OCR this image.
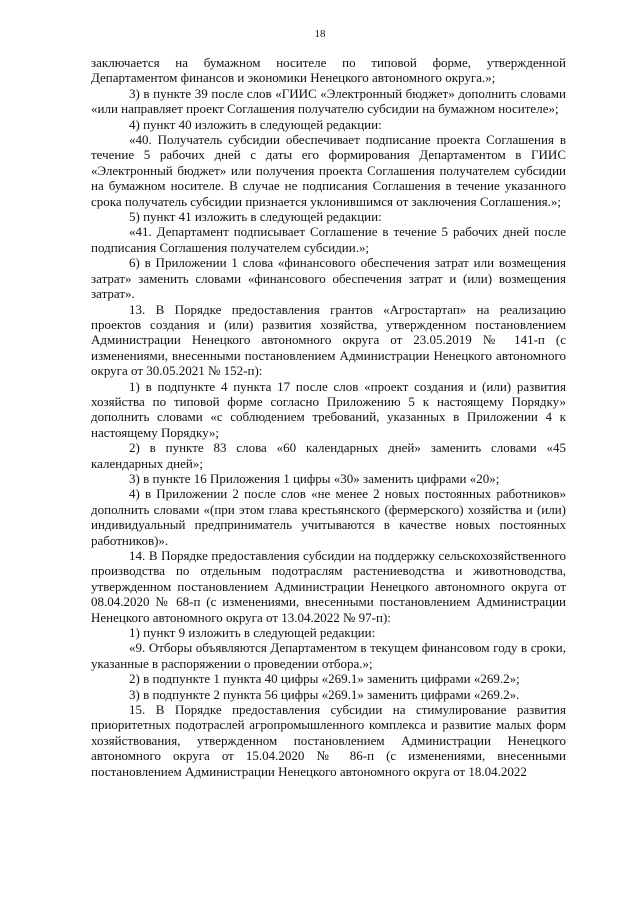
18

заключается на бумажном носителе по типовой форме, утвержденной Департаментом финансов и экономики Ненецкого автономного округа.»;

3) в пункте 39 после слов «ГИИС «Электронный бюджет» дополнить словами «или направляет проект Соглашения получателю субсидии на бумажном носителе»;

4) пункт 40 изложить в следующей редакции:

«40. Получатель субсидии обеспечивает подписание проекта Соглашения в течение 5 рабочих дней с даты его формирования Департаментом в ГИИС «Электронный бюджет» или получения проекта Соглашения получателем субсидии на бумажном носителе. В случае не подписания Соглашения в течение указанного срока получатель субсидии признается уклонившимся от заключения Соглашения.»;

5) пункт 41 изложить в следующей редакции:

«41. Департамент подписывает Соглашение в течение 5 рабочих дней после подписания Соглашения получателем субсидии.»;

6) в Приложении 1 слова «финансового обеспечения затрат или возмещения затрат» заменить словами «финансового обеспечения затрат и (или) возмещения затрат».

13. В Порядке предоставления грантов «Агростартап» на реализацию проектов создания и (или) развития хозяйства, утвержденном постановлением Администрации Ненецкого автономного округа от 23.05.2019 № 141-п (с изменениями, внесенными постановлением Администрации Ненецкого автономного округа от 30.05.2021 № 152-п):

1) в подпункте 4 пункта 17 после слов «проект создания и (или) развития хозяйства по типовой форме согласно Приложению 5 к настоящему Порядку» дополнить словами «с соблюдением требований, указанных в Приложении 4 к настоящему Порядку»;

2) в пункте 83 слова «60 календарных дней» заменить словами «45 календарных дней»;

3) в пункте 16 Приложения 1 цифры «30» заменить цифрами «20»;

4) в Приложении 2 после слов «не менее 2 новых постоянных работников» дополнить словами «(при этом глава крестьянского (фермерского) хозяйства и (или) индивидуальный предприниматель учитываются в качестве новых постоянных работников)».

14. В Порядке предоставления субсидии на поддержку сельскохозяйственного производства по отдельным подотраслям растениеводства и животноводства, утвержденном постановлением Администрации Ненецкого автономного округа от 08.04.2020 № 68-п (с изменениями, внесенными постановлением Администрации Ненецкого автономного округа от 13.04.2022 № 97-п):

1) пункт 9 изложить в следующей редакции:

«9. Отборы объявляются Департаментом в текущем финансовом году в сроки, указанные в распоряжении о проведении отбора.»;

2) в подпункте 1 пункта 40 цифры «269.1» заменить цифрами «269.2»;

3) в подпункте 2 пункта 56 цифры «269.1» заменить цифрами «269.2».

15. В Порядке предоставления субсидии на стимулирование развития приоритетных подотраслей агропромышленного комплекса и развитие малых форм хозяйствования, утвержденном постановлением Администрации Ненецкого автономного округа от 15.04.2020 № 86-п (с изменениями, внесенными постановлением Администрации Ненецкого автономного округа от 18.04.2022
